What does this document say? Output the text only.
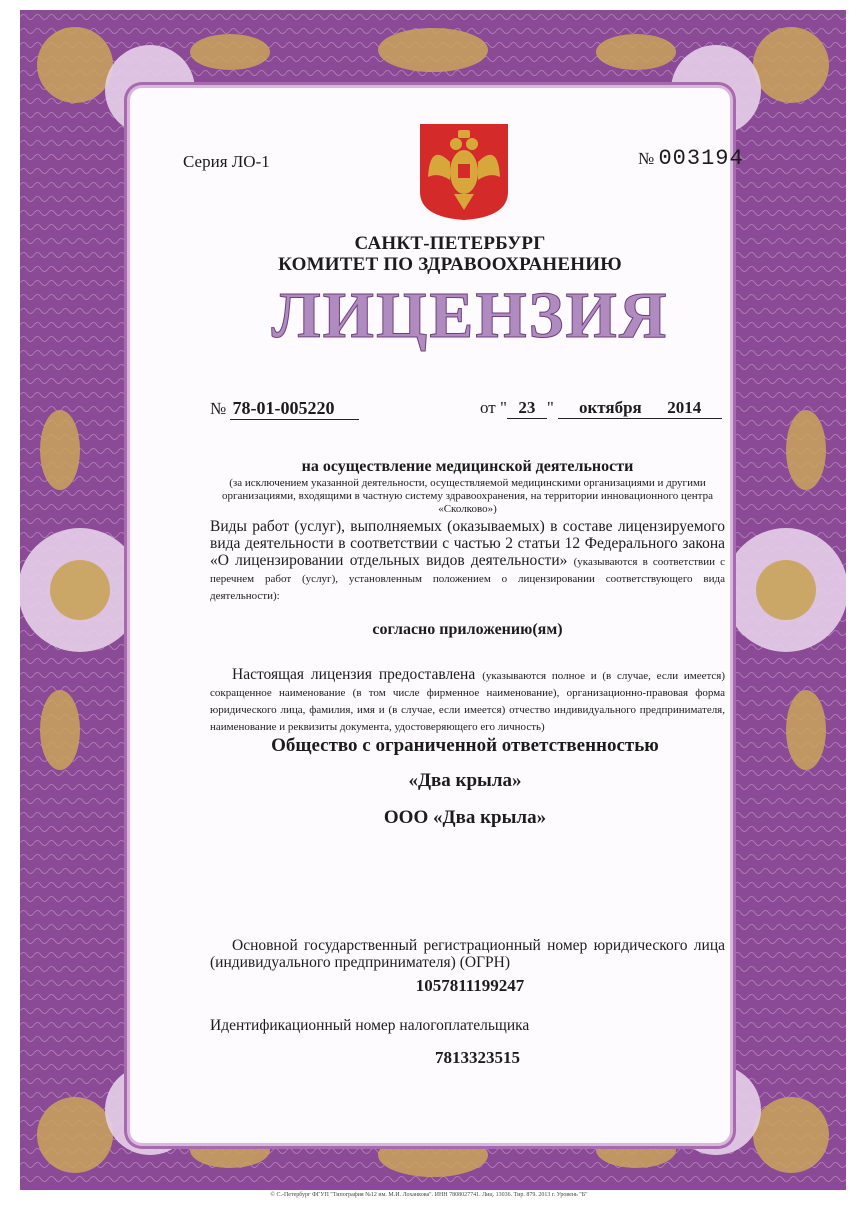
Серия ЛО-1	№ 003194
САНКТ-ПЕТЕРБУРГ
КОМИТЕТ ПО ЗДРАВООХРАНЕНИЮ
ЛИЦЕНЗИЯ
№ 78-01-005220	от " 23 " октября 2014
на осуществление медицинской деятельности
(за исключением указанной деятельности, осуществляемой медицинскими организациями и другими организациями, входящими в частную систему здравоохранения, на территории инновационного центра «Сколково»)
Виды работ (услуг), выполняемых (оказываемых) в составе лицензируемого вида деятельности в соответствии с частью 2 статьи 12 Федерального закона «О лицензировании отдельных видов деятельности» (указываются в соответствии с перечнем работ (услуг), установленным положением о лицензировании соответствующего вида деятельности):
согласно приложению(ям)
Настоящая лицензия предоставлена (указываются полное и (в случае, если имеется) сокращенное наименование (в том числе фирменное наименование), организационно-правовая форма юридического лица, фамилия, имя и (в случае, если имеется) отчество индивидуального предпринимателя, наименование и реквизиты документа, удостоверяющего его личность)
Общество с ограниченной ответственностью
«Два крыла»
ООО «Два крыла»
Основной государственный регистрационный номер юридического лица (индивидуального предпринимателя) (ОГРН)
1057811199247
Идентификационный номер налогоплательщика
7813323515
© С.-Петербург ФГУП "Типография №12 им. М.И. Лоханкова". ИНН 7808027741. Лиц. 13036. Тир. 879. 2013 г. Уровень "Б"
